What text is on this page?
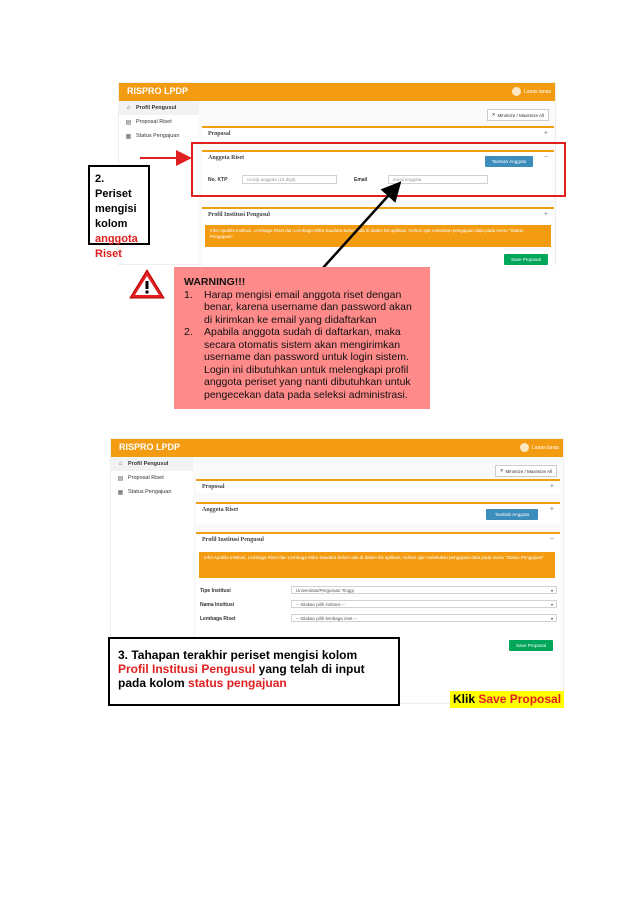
RISPRO LPDP	Lanas lanas
⌂	Profil Pengusul
▤ Proposal Riset
▦ Status Pengajuan
✕ Minimize / Maximize All
Proposal	+
Anggota Riset	−
Tambah Anggota
No. KTP	no.ktp anggota (16 digit)	Email	email anggota
Profil Institusi Pengusul	+
Info! Apabila Institusi, Lembaga Riset dan Lembaga Mitra Saudara belum ada di dalam list aplikasi, mohon ajar melaukan pengajuan data pada menu "Status Pengajuan"
Save Proposal
2. Periset
mengisi
kolom
anggota
Riset
WARNING!!!
1.	Harap mengisi email anggota riset dengan benar, karena username dan password akan di kirimkan ke email yang didaftarkan
2.	Apabila anggota sudah di daftarkan, maka secara otomatis sistem akan mengirimkan username dan password untuk login sistem. Login ini dibutuhkan untuk melengkapi profil anggota periset yang nanti dibutuhkan untuk pengecekan data pada seleksi administrasi.
RISPRO LPDP	Lanas lanas
⌂	Profil Pengusul
▤ Proposal Riset
▦ Status Pengajuan
✕ Minimize / Maximize All
Proposal	+
Anggota Riset	+
Tambah Anggota
Profil Institusi Pengusul	−
Info! Apabila Institusi, Lembaga Riset dan Lembaga Mitra Saudara belum ada di dalam list aplikasi, mohon ajar melakukan pengajuan data pada menu "Status Pengajuan"
Tipe Institusi	Universitas/Perguruan Tinggi	▾
Nama Institusi	-- Silakan pilih institusi --	▾
Lembaga Riset	-- Silakan pilih lembaga riset --	▾
Save Proposal
3. Tahapan terakhir periset mengisi kolom Profil Institusi Pengusul yang telah di input pada kolom status pengajuan
Klik Save Proposal
